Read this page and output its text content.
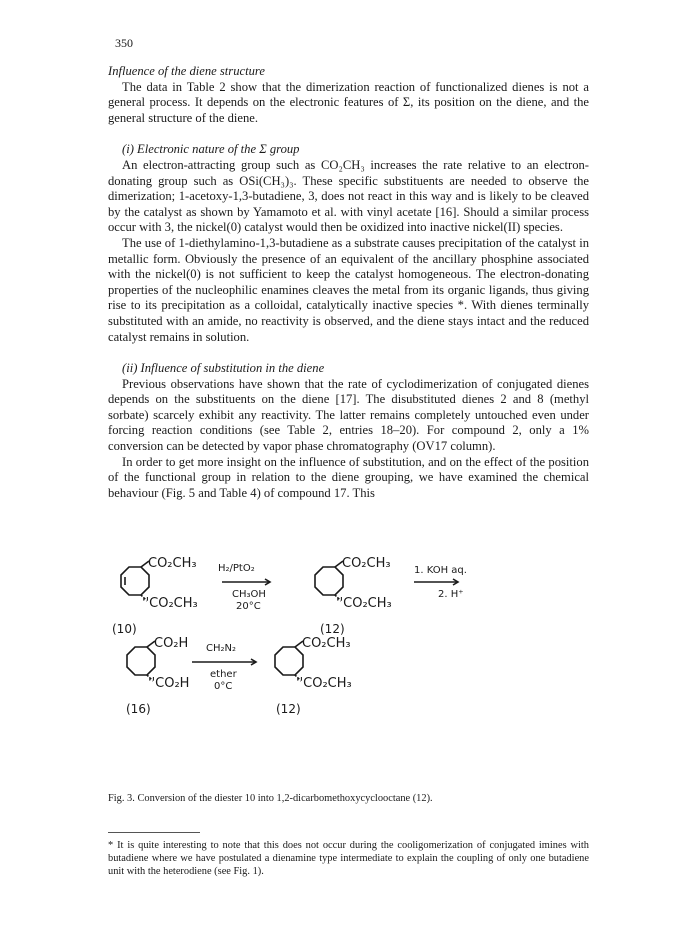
350

Influence of the diene structure

The data in Table 2 show that the dimerization reaction of functionalized dienes is not a general process. It depends on the electronic features of Σ, its position on the diene, and the general structure of the diene.

(i) Electronic nature of the Σ group

An electron-attracting group such as CO₂CH₃ increases the rate relative to an electron-donating group such as OSi(CH₃)₃. These specific substituents are needed to observe the dimerization; 1-acetoxy-1,3-butadiene, 3, does not react in this way and is likely to be cleaved by the catalyst as shown by Yamamoto et al. with vinyl acetate [16]. Should a similar process occur with 3, the nickel(0) catalyst would then be oxidized into inactive nickel(II) species.

The use of 1-diethylamino-1,3-butadiene as a substrate causes precipitation of the catalyst in metallic form. Obviously the presence of an equivalent of the ancillary phosphine associated with the nickel(0) is not sufficient to keep the catalyst homogeneous. The electron-donating properties of the nucleophilic enamines cleaves the metal from its organic ligands, thus giving rise to its precipitation as a colloidal, catalytically inactive species *. With dienes terminally substituted with an amide, no reactivity is observed, and the diene stays intact and the reduced catalyst remains in solution.

(ii) Influence of substitution in the diene

Previous observations have shown that the rate of cyclodimerization of conjugated dienes depends on the substituents on the diene [17]. The disubstituted dienes 2 and 8 (methyl sorbate) scarcely exhibit any reactivity. The latter remains completely untouched even under forcing reaction conditions (see Table 2, entries 18–20). For compound 2, only a 1% conversion can be detected by vapor phase chromatography (OV17 column).

In order to get more insight on the influence of substitution, and on the effect of the position of the functional group in relation to the diene grouping, we have examined the chemical behaviour (Fig. 5 and Table 4) of compound 17. This

CO₂CH₃
''CO₂CH₃
(10)
H₂/PtO₂
CH₃OH
20°C
CO₂CH₃
''CO₂CH₃
(12)
1. KOH aq.
2. H⁺
CO₂H
''CO₂H
(16)
CH₂N₂
ether
0°C
CO₂CH₃
''CO₂CH₃
(12)
Fig. 3. Conversion of the diester 10 into 1,2-dicarbomethoxycyclooctane (12).
* It is quite interesting to note that this does not occur during the cooligomerization of conjugated imines with butadiene where we have postulated a dienamine type intermediate to explain the coupling of only one butadiene unit with the heterodiene (see Fig. 1).
